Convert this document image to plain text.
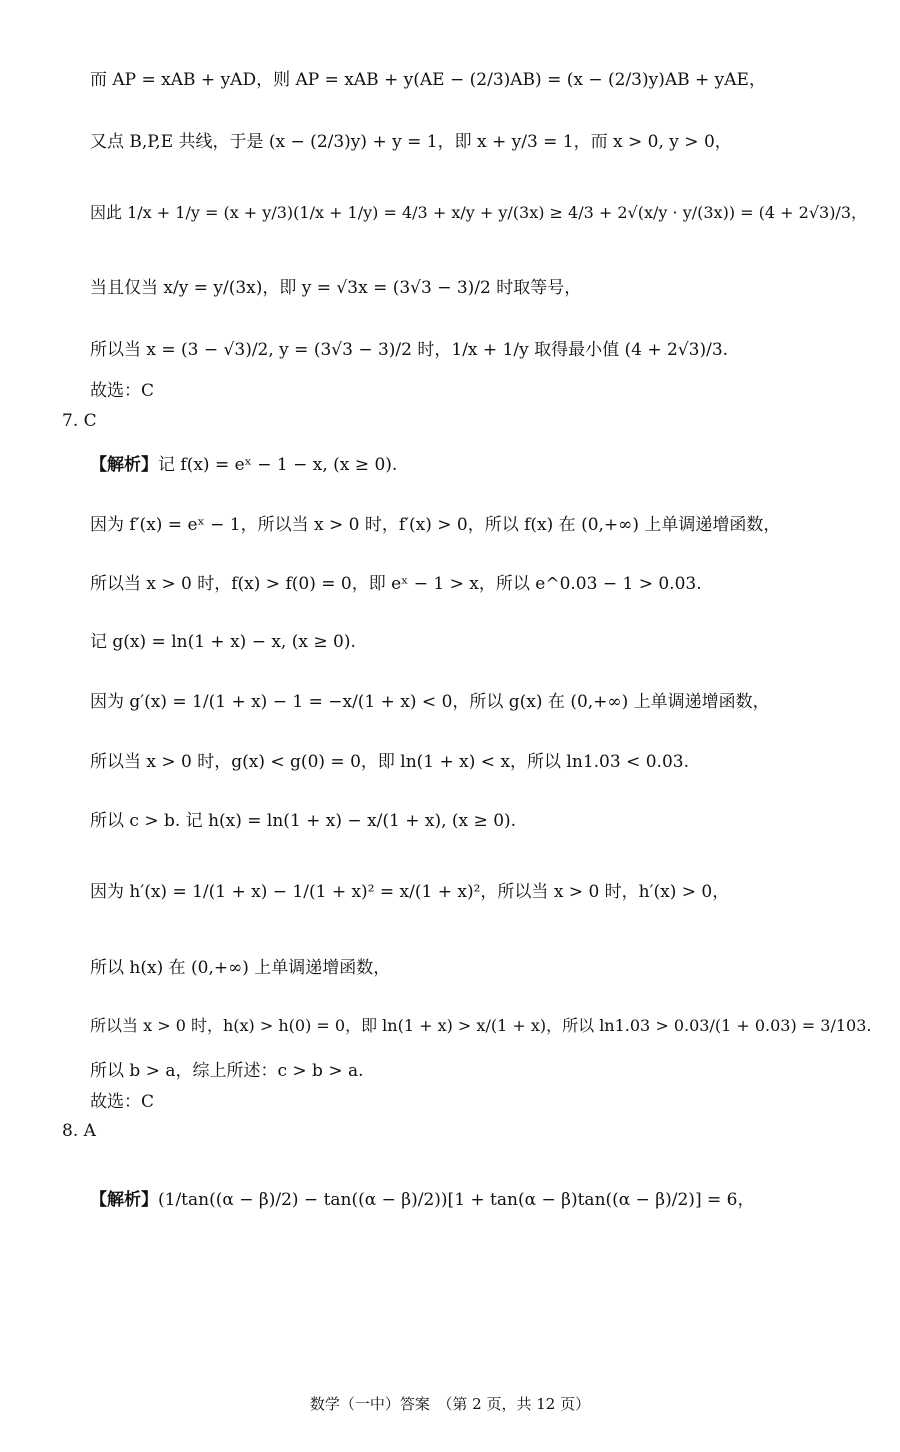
而 AP = xAB + yAD，则 AP = xAB + y(AE − (2/3)AB) = (x − (2/3)y)AB + yAE，
又点 B,P,E 共线，于是 (x − (2/3)y) + y = 1，即 x + y/3 = 1，而 x > 0, y > 0，
因此 1/x + 1/y = (x + y/3)(1/x + 1/y) = 4/3 + x/y + y/(3x) ≥ 4/3 + 2√(x/y · y/(3x)) = (4 + 2√3)/3，
当且仅当 x/y = y/(3x)，即 y = √3x = (3√3 − 3)/2 时取等号，
所以当 x = (3 − √3)/2, y = (3√3 − 3)/2 时，1/x + 1/y 取得最小值 (4 + 2√3)/3.
故选：C
7. C
【解析】记 f(x) = eˣ − 1 − x, (x ≥ 0).
因为 f′(x) = eˣ − 1，所以当 x > 0 时，f′(x) > 0，所以 f(x) 在 (0,+∞) 上单调递增函数，
所以当 x > 0 时，f(x) > f(0) = 0，即 eˣ − 1 > x，所以 e^0.03 − 1 > 0.03.
记 g(x) = ln(1 + x) − x, (x ≥ 0).
因为 g′(x) = 1/(1 + x) − 1 = −x/(1 + x) < 0，所以 g(x) 在 (0,+∞) 上单调递增函数，
所以当 x > 0 时，g(x) < g(0) = 0，即 ln(1 + x) < x，所以 ln1.03 < 0.03.
所以 c > b. 记 h(x) = ln(1 + x) − x/(1 + x), (x ≥ 0).
因为 h′(x) = 1/(1 + x) − 1/(1 + x)² = x/(1 + x)²，所以当 x > 0 时，h′(x) > 0，
所以 h(x) 在 (0,+∞) 上单调递增函数，
所以当 x > 0 时，h(x) > h(0) = 0，即 ln(1 + x) > x/(1 + x)，所以 ln1.03 > 0.03/(1 + 0.03) = 3/103.
所以 b > a，综上所述：c > b > a.
故选：C
8. A
【解析】(1/tan((α − β)/2) − tan((α − β)/2))[1 + tan(α − β)tan((α − β)/2)] = 6，
数学（一中）答案　（第 2 页，共 12 页）
